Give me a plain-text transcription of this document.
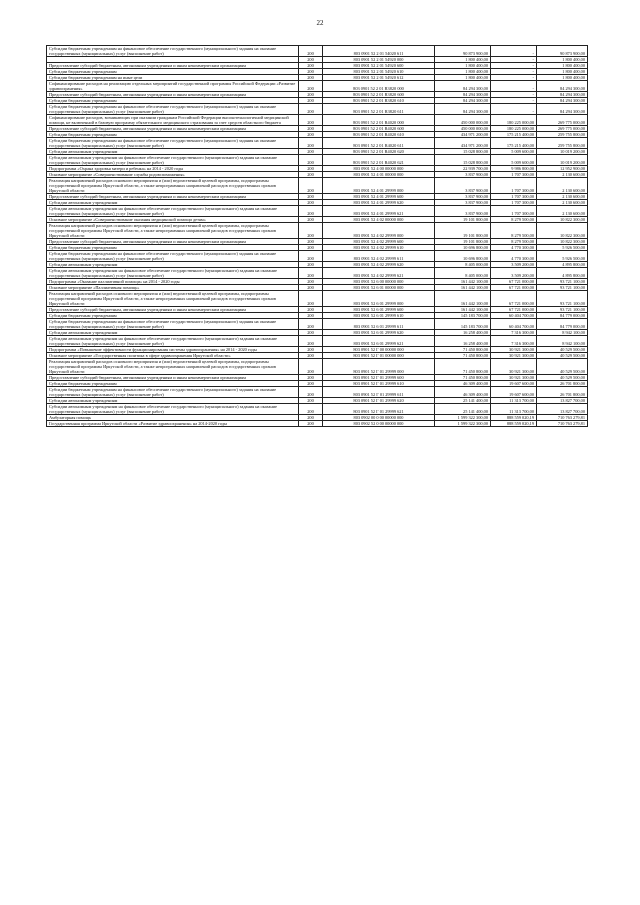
22
Субсидии бюджетным учреждениям на финансовое обеспечение государственного (муниципального) задания на оказание государственных (муниципальных) услуг (выполнение работ)	200	803 0901 52 2 01 54020 611	90 873 900,00	-	90 873 900,00
	200	803 0901 52 2 01 54920 000	1 800 400,00	-	1 800 400,00
Предоставление субсидий бюджетным, автономным учреждениям и иным некоммерческим организациям	200	803 0901 52 2 01 54920 600	1 800 400,00	-	1 800 400,00
Субсидии бюджетным учреждениям	200	803 0901 52 2 01 54920 610	1 800 400,00	-	1 800 400,00
Субсидии бюджетным учреждениям на иные цели	200	803 0901 52 2 01 54920 612	1 800 400,00	-	1 800 400,00
Софинансирование расходов на реализацию отдельных мероприятий государственной программы Российской Федерации «Развитие здравоохранения»	200	803 0901 52 2 01 R3820 000	84 294 300,00	-	84 294 300,00
Предоставление субсидий бюджетным, автономным учреждениям и иным некоммерческим организациям	200	803 0901 52 2 01 R3820 600	84 294 300,00	-	84 294 300,00
Субсидии бюджетным учреждениям	200	803 0901 52 2 01 R3820 610	84 294 300,00	-	84 294 300,00
Субсидии бюджетным учреждениям на финансовое обеспечение государственного (муниципального) задания на оказание государственных (муниципальных) услуг (выполнение работ)	200	803 0901 52 2 01 R3820 611	84 294 300,00	-	84 294 300,00
Софинансирование расходов, возникающих при оказании гражданам Российской Федерации высокотехнологичной медицинской помощи, не включенной в базовую программу обязательного медицинского страхования за счет средств областного бюджета	200	803 0901 52 2 01 R4020 000	450 000 000,00	180 225 000,00	269 775 000,00
Предоставление субсидий бюджетным, автономным учреждениям и иным некоммерческим организациям	200	803 0901 52 2 01 R4020 600	450 000 000,00	180 225 000,00	269 775 000,00
Субсидии бюджетным учреждениям	200	803 0901 52 2 01 R4020 610	434 971 200,00	175 215 400,00	259 755 800,00
Субсидии бюджетным учреждениям на финансовое обеспечение государственного (муниципального) задания на оказание государственных (муниципальных) услуг (выполнение работ)	200	803 0901 52 2 01 R4020 611	434 971 200,00	175 215 400,00	259 755 800,00
Субсидии автономным учреждениям	200	803 0901 52 2 01 R4020 620	15 028 800,00	5 009 600,00	10 019 200,00
Субсидии автономным учреждениям на финансовое обеспечение государственного (муниципального) задания на оказание государственных (муниципальных) услуг (выполнение работ)	200	803 0901 52 2 01 R4020 621	15 028 800,00	5 009 600,00	10 019 200,00
Подпрограмма «Охрана здоровья матери и ребенка» на 2014 - 2020 годы	200	803 0901 52 4 00 00000 000	22 939 700,00	9 986 800,00	12 952 900,00
Основное мероприятие «Совершенствование службы родовспоможения»	200	803 0901 52 4 01 00000 000	3 837 900,00	1 707 300,00	2 130 600,00
Реализация направлений расходов основного мероприятия и (или) ведомственной целевой программы, подпрограммы государственной программы Иркутской области, а также непрограммных направлений расходов государственных органов Иркутской области	200	803 0901 52 4 01 29999 000	3 837 900,00	1 707 300,00	2 130 600,00
Предоставление субсидий бюджетным, автономным учреждениям и иным некоммерческим организациям	200	803 0901 52 4 01 29999 600	3 837 900,00	1 707 300,00	2 130 600,00
Субсидии автономным учреждениям	200	803 0901 52 4 01 29999 620	3 837 900,00	1 707 300,00	2 130 600,00
Субсидии автономным учреждениям на финансовое обеспечение государственного (муниципального) задания на оказание государственных (муниципальных) услуг (выполнение работ)	200	803 0901 52 4 01 29999 621	3 837 900,00	1 707 300,00	2 130 600,00
Основное мероприятие «Совершенствование оказания медицинской помощи детям»	200	803 0901 52 4 02 00000 000	19 101 800,00	8 279 500,00	10 822 300,00
Реализация направлений расходов основного мероприятия и (или) ведомственной целевой программы, подпрограммы государственной программы Иркутской области, а также непрограммных направлений расходов государственных органов Иркутской области	200	803 0901 52 4 02 29999 000	19 101 800,00	8 279 500,00	10 822 300,00
Предоставление субсидий бюджетным, автономным учреждениям и иным некоммерческим организациям	200	803 0901 52 4 02 29999 600	19 101 800,00	8 279 500,00	10 822 300,00
Субсидии бюджетным учреждениям	200	803 0901 52 4 02 29999 610	10 696 800,00	4 770 300,00	5 926 500,00
Субсидии бюджетным учреждениям на финансовое обеспечение государственного (муниципального) задания на оказание государственных (муниципальных) услуг (выполнение работ)	200	803 0901 52 4 02 29999 611	10 696 800,00	4 770 300,00	5 926 500,00
Субсидии автономным учреждениям	200	803 0901 52 4 02 29999 620	8 405 000,00	3 509 200,00	4 895 800,00
Субсидии автономным учреждениям на финансовое обеспечение государственного (муниципального) задания на оказание государственных (муниципальных) услуг (выполнение работ)	200	803 0901 52 4 02 29999 621	8 405 000,00	3 509 200,00	4 895 800,00
Подпрограмма «Оказание паллиативной помощи» на 2014 - 2020 годы	200	803 0901 52 6 00 00000 000	161 442 100,00	67 721 000,00	93 721 100,00
Основное мероприятие «Паллиативная помощь»	200	803 0901 52 6 01 00000 000	161 442 100,00	67 721 000,00	93 721 100,00
Реализация направлений расходов основного мероприятия и (или) ведомственной целевой программы, подпрограммы государственной программы Иркутской области, а также непрограммных направлений расходов государственных органов Иркутской области	200	803 0901 52 6 01 29999 000	161 442 100,00	67 721 000,00	93 721 100,00
Предоставление субсидий бюджетным, автономным учреждениям и иным некоммерческим организациям	200	803 0901 52 6 01 29999 600	161 442 100,00	67 721 000,00	93 721 100,00
Субсидии бюджетным учреждениям	200	803 0901 52 6 01 29999 610	145 183 700,00	60 404 700,00	84 779 000,00
Субсидии бюджетным учреждениям на финансовое обеспечение государственного (муниципального) задания на оказание государственных (муниципальных) услуг (выполнение работ)	200	803 0901 52 6 01 29999 611	145 183 700,00	60 404 700,00	84 779 000,00
Субсидии автономным учреждениям	200	803 0901 52 6 01 29999 620	16 258 400,00	7 316 300,00	8 942 100,00
Субсидии автономным учреждениям на финансовое обеспечение государственного (муниципального) задания на оказание государственных (муниципальных) услуг (выполнение работ)	200	803 0901 52 6 01 29999 621	16 258 400,00	7 316 300,00	8 942 100,00
Подпрограмма «Повышение эффективности функционирования системы здравоохранения» на 2014 - 2020 годы	200	803 0901 52 Г 00 00000 000	71 450 800,00	30 921 300,00	40 529 500,00
Основное мероприятие «Государственная политика в сфере здравоохранения Иркутской области»	200	803 0901 52 Г 01 00000 000	71 450 800,00	30 921 300,00	40 529 500,00
Реализация направлений расходов основного мероприятия и (или) ведомственной целевой программы, подпрограммы государственной программы Иркутской области, а также непрограммных направлений расходов государственных органов Иркутской области	200	803 0901 52 Г 01 29999 000	71 450 800,00	30 921 300,00	40 529 500,00
Предоставление субсидий бюджетным, автономным учреждениям и иным некоммерческим организациям	200	803 0901 52 Г 01 29999 600	71 450 800,00	30 921 300,00	40 529 500,00
Субсидии бюджетным учреждениям	200	803 0901 52 Г 01 29999 610	46 309 400,00	19 607 600,00	26 701 800,00
Субсидии бюджетным учреждениям на финансовое обеспечение государственного (муниципального) задания на оказание государственных (муниципальных) услуг (выполнение работ)	200	803 0901 52 Г 01 29999 611	46 309 400,00	19 607 600,00	26 701 800,00
Субсидии автономным учреждениям	200	803 0901 52 Г 01 29999 620	25 141 400,00	11 313 700,00	13 827 700,00
Субсидии автономным учреждениям на финансовое обеспечение государственного (муниципального) задания на оказание государственных (муниципальных) услуг (выполнение работ)	200	803 0901 52 Г 01 29999 621	25 141 400,00	11 313 700,00	13 827 700,00
Амбулаторная помощь	200	803 0902 00 0 00 00000 000	1 599 322 300,00	888 559 020,19	710 763 279,81
Государственная программа Иркутской области «Развитие здравоохранения» на 2014-2020 годы	200	803 0902 52 0 00 00000 000	1 599 322 300,00	888 559 020,19	710 763 279,81
